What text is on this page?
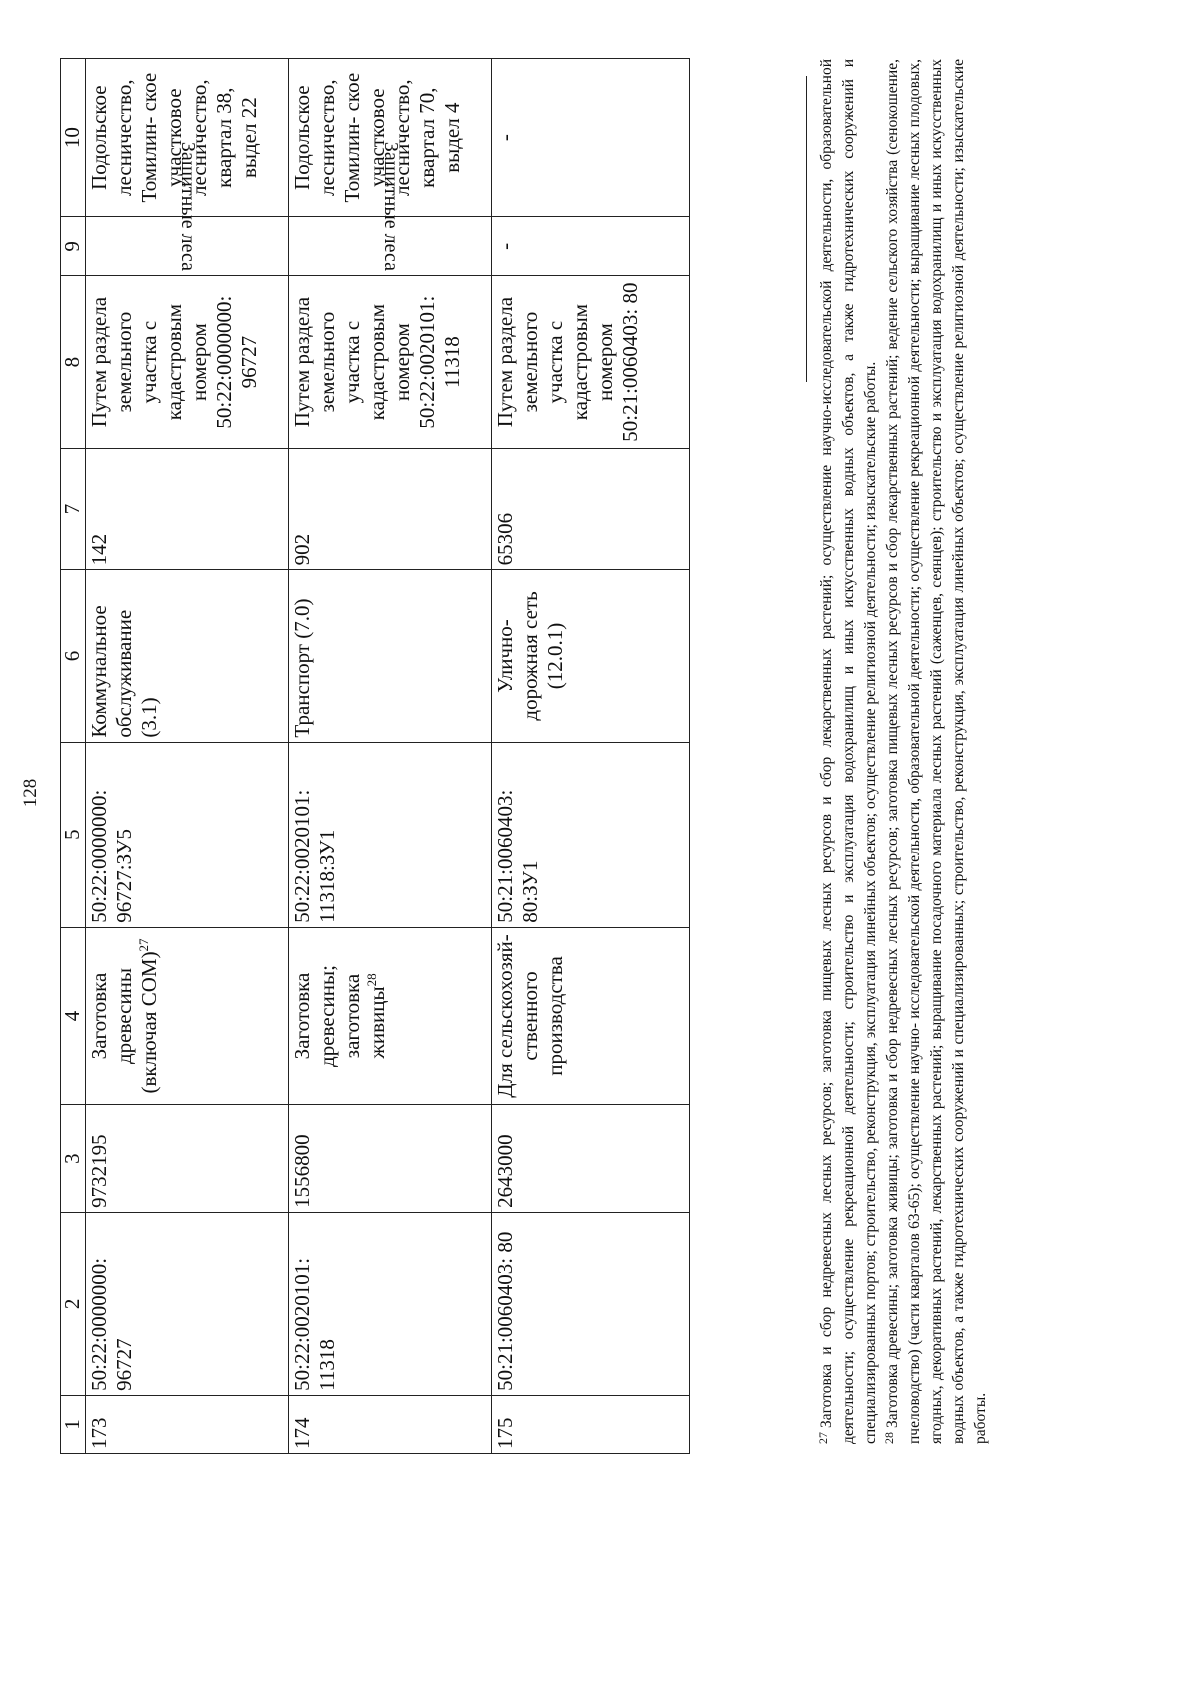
128
1	2	3	4	5	6	7	8	9	10
173	50:22:0000000: 96727	9732195	Заготовка древесины (включая СОМ)$^{27}$	50:22:0000000: 96727:ЗУ5	Коммунальное обслуживание (3.1)	142	Путем раздела земельного участка с кадастровым номером 50:22:0000000: 96727	Защитные леса	Подольское лесничество, Томилин- ское участковое лесничество, квартал 38, выдел 22
174	50:22:0020101: 11318	1556800	Заготовка древесины; заготовка живицы$^{28}$	50:22:0020101: 11318:ЗУ1	Транспорт (7.0)	902	Путем раздела земельного участка с кадастровым номером 50:22:0020101: 11318	Защитные леса	Подольское лесничество, Томилин- ское участковое лесничество, квартал 70, выдел 4
175	50:21:0060403: 80	2643000	Для сельскохозяй- ственного производства	50:21:0060403: 80:ЗУ1	Улично- дорожная сеть (12.0.1)	65306	Путем раздела земельного участка с кадастровым номером 50:21:0060403: 80	-	-

$^{27}$Заготовка и сбор недревесных лесных ресурсов; заготовка пищевых лесных ресурсов и сбор лекарственных растений; осуществление научно-исследовательской деятельности, образовательной деятельности; осуществление рекреационной деятельности; строительство и эксплуатация водохранилищ и иных искусственных водных объектов, а также гидротехнических сооружений и специализированных портов; строительство, реконструкция, эксплуатация линейных объектов; осуществление религиозной деятельности; изыскательские работы. $^{28}$Заготовка древесины; заготовка живицы; заготовка и сбор недревесных лесных ресурсов; заготовка пищевых лесных ресурсов и сбор лекарственных растений; ведение сельского хозяйства (сенокошение, пчеловодство) (части кварталов 63-65); осуществление научно- исследовательской деятельности, образовательной деятельности; осуществление рекреационной деятельности; выращивание лесных плодовых, ягодных, декоративных растений, лекарственных растений; выращивание посадочного материала лесных растений (саженцев, сеянцев); строительство и эксплуатация водохранилищ и иных искусственных водных объектов, а также гидротехнических сооружений и специализированных; строительство, реконструкция, эксплуатация линейных объектов; осуществление религиозной деятельности; изыскательские работы.
